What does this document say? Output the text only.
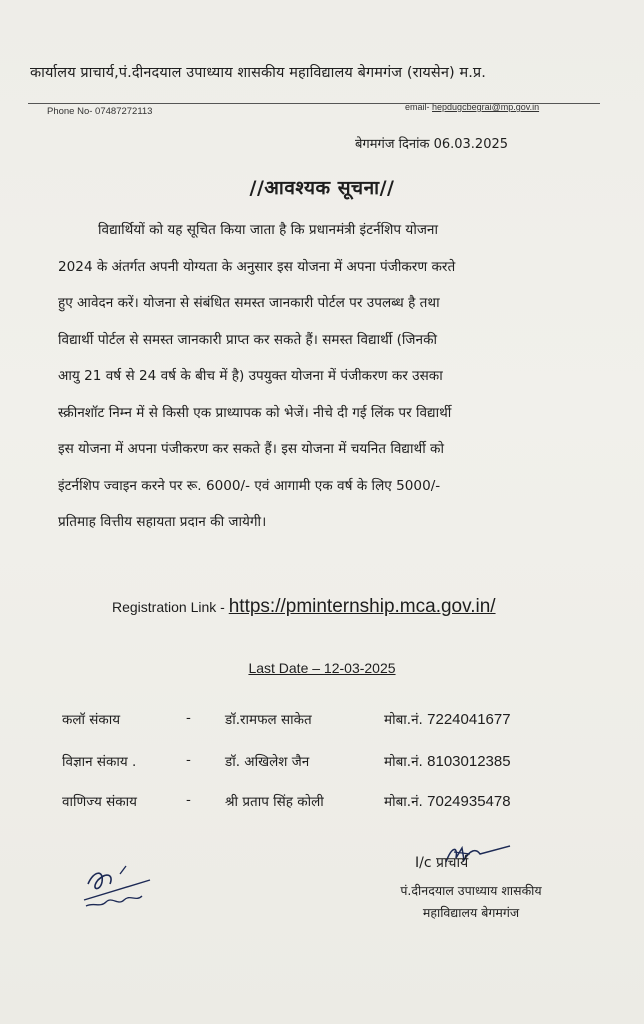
कार्यालय प्राचार्य,पं.दीनदयाल उपाध्याय शासकीय महाविद्यालय बेगमगंज (रायसेन) म.प्र.
Phone No- 07487272113	email- hepdugcbegrai@mp.gov.in
बेगमगंज दिनांक 06.03.2025
//आवश्यक सूचना//
विद्यार्थियों को यह सूचित किया जाता है कि प्रधानमंत्री इंटर्नशिप योजना
2024 के अंतर्गत अपनी योग्यता के अनुसार इस योजना में अपना पंजीकरण करते
हुए आवेदन करें। योजना से संबंधित समस्त जानकारी पोर्टल पर उपलब्ध है तथा
विद्यार्थी पोर्टल से समस्त जानकारी प्राप्त कर सकते हैं। समस्त विद्यार्थी (जिनकी
आयु 21 वर्ष से 24 वर्ष के बीच में है) उपयुक्त योजना में पंजीकरण कर उसका
स्क्रीनशॉट निम्न में से किसी एक प्राध्यापक को भेजें। नीचे दी गई लिंक पर विद्यार्थी
इस योजना में अपना पंजीकरण कर सकते हैं। इस योजना में चयनित विद्यार्थी को
इंटर्नशिप ज्वाइन करने पर रू. 6000/- एवं आगामी एक वर्ष के लिए 5000/-
प्रतिमाह वित्तीय सहायता प्रदान की जायेगी।
Registration Link - https://pminternship.mca.gov.in/
Last Date – 12-03-2025
कलॉ संकाय	-	डॉ.रामफल साकेत	मोबा.नं. 7224041677
विज्ञान संकाय .	-	डॉ. अखिलेश जैन	मोबा.नं. 8103012385
वाणिज्य संकाय	-	श्री प्रताप सिंह कोली	मोबा.नं. 7024935478
I/c प्राचार्य
पं.दीनदयाल उपाध्याय शासकीय
महाविद्यालय बेगमगंज
